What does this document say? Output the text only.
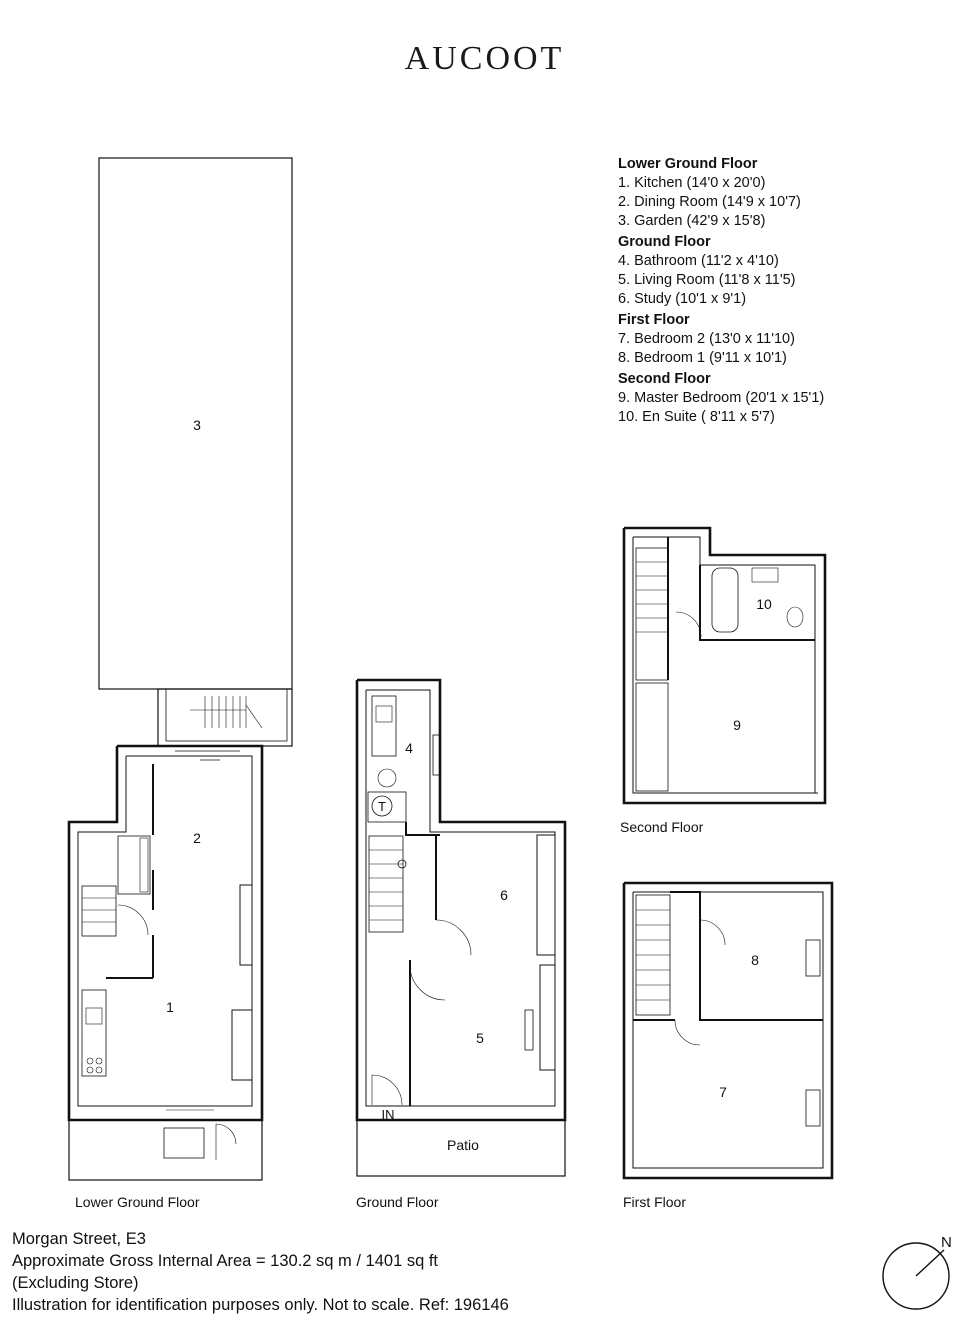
AUCOOT
Lower Ground Floor
1. Kitchen (14'0 x 20'0)
2. Dining Room (14'9 x 10'7)
3. Garden (42'9 x 15'8)
Ground Floor
4. Bathroom (11'2 x 4'10)
5. Living Room (11'8 x 11'5)
6. Study (10'1 x 9'1)
First Floor
7. Bedroom 2 (13'0 x 11'10)
8. Bedroom 1 (9'11 x 10'1)
Second Floor
9. Master Bedroom (20'1 x 15'1)
10. En Suite ( 8'11 x 5'7)
3
2
1
4
6
5
10
9
8
7
T
IN
Patio
Lower Ground Floor	Ground Floor	First Floor
Second Floor
N
Morgan Street, E3
Approximate Gross Internal Area = 130.2 sq m / 1401 sq ft
(Excluding Store)
Illustration for identification purposes only. Not to scale. Ref: 196146
